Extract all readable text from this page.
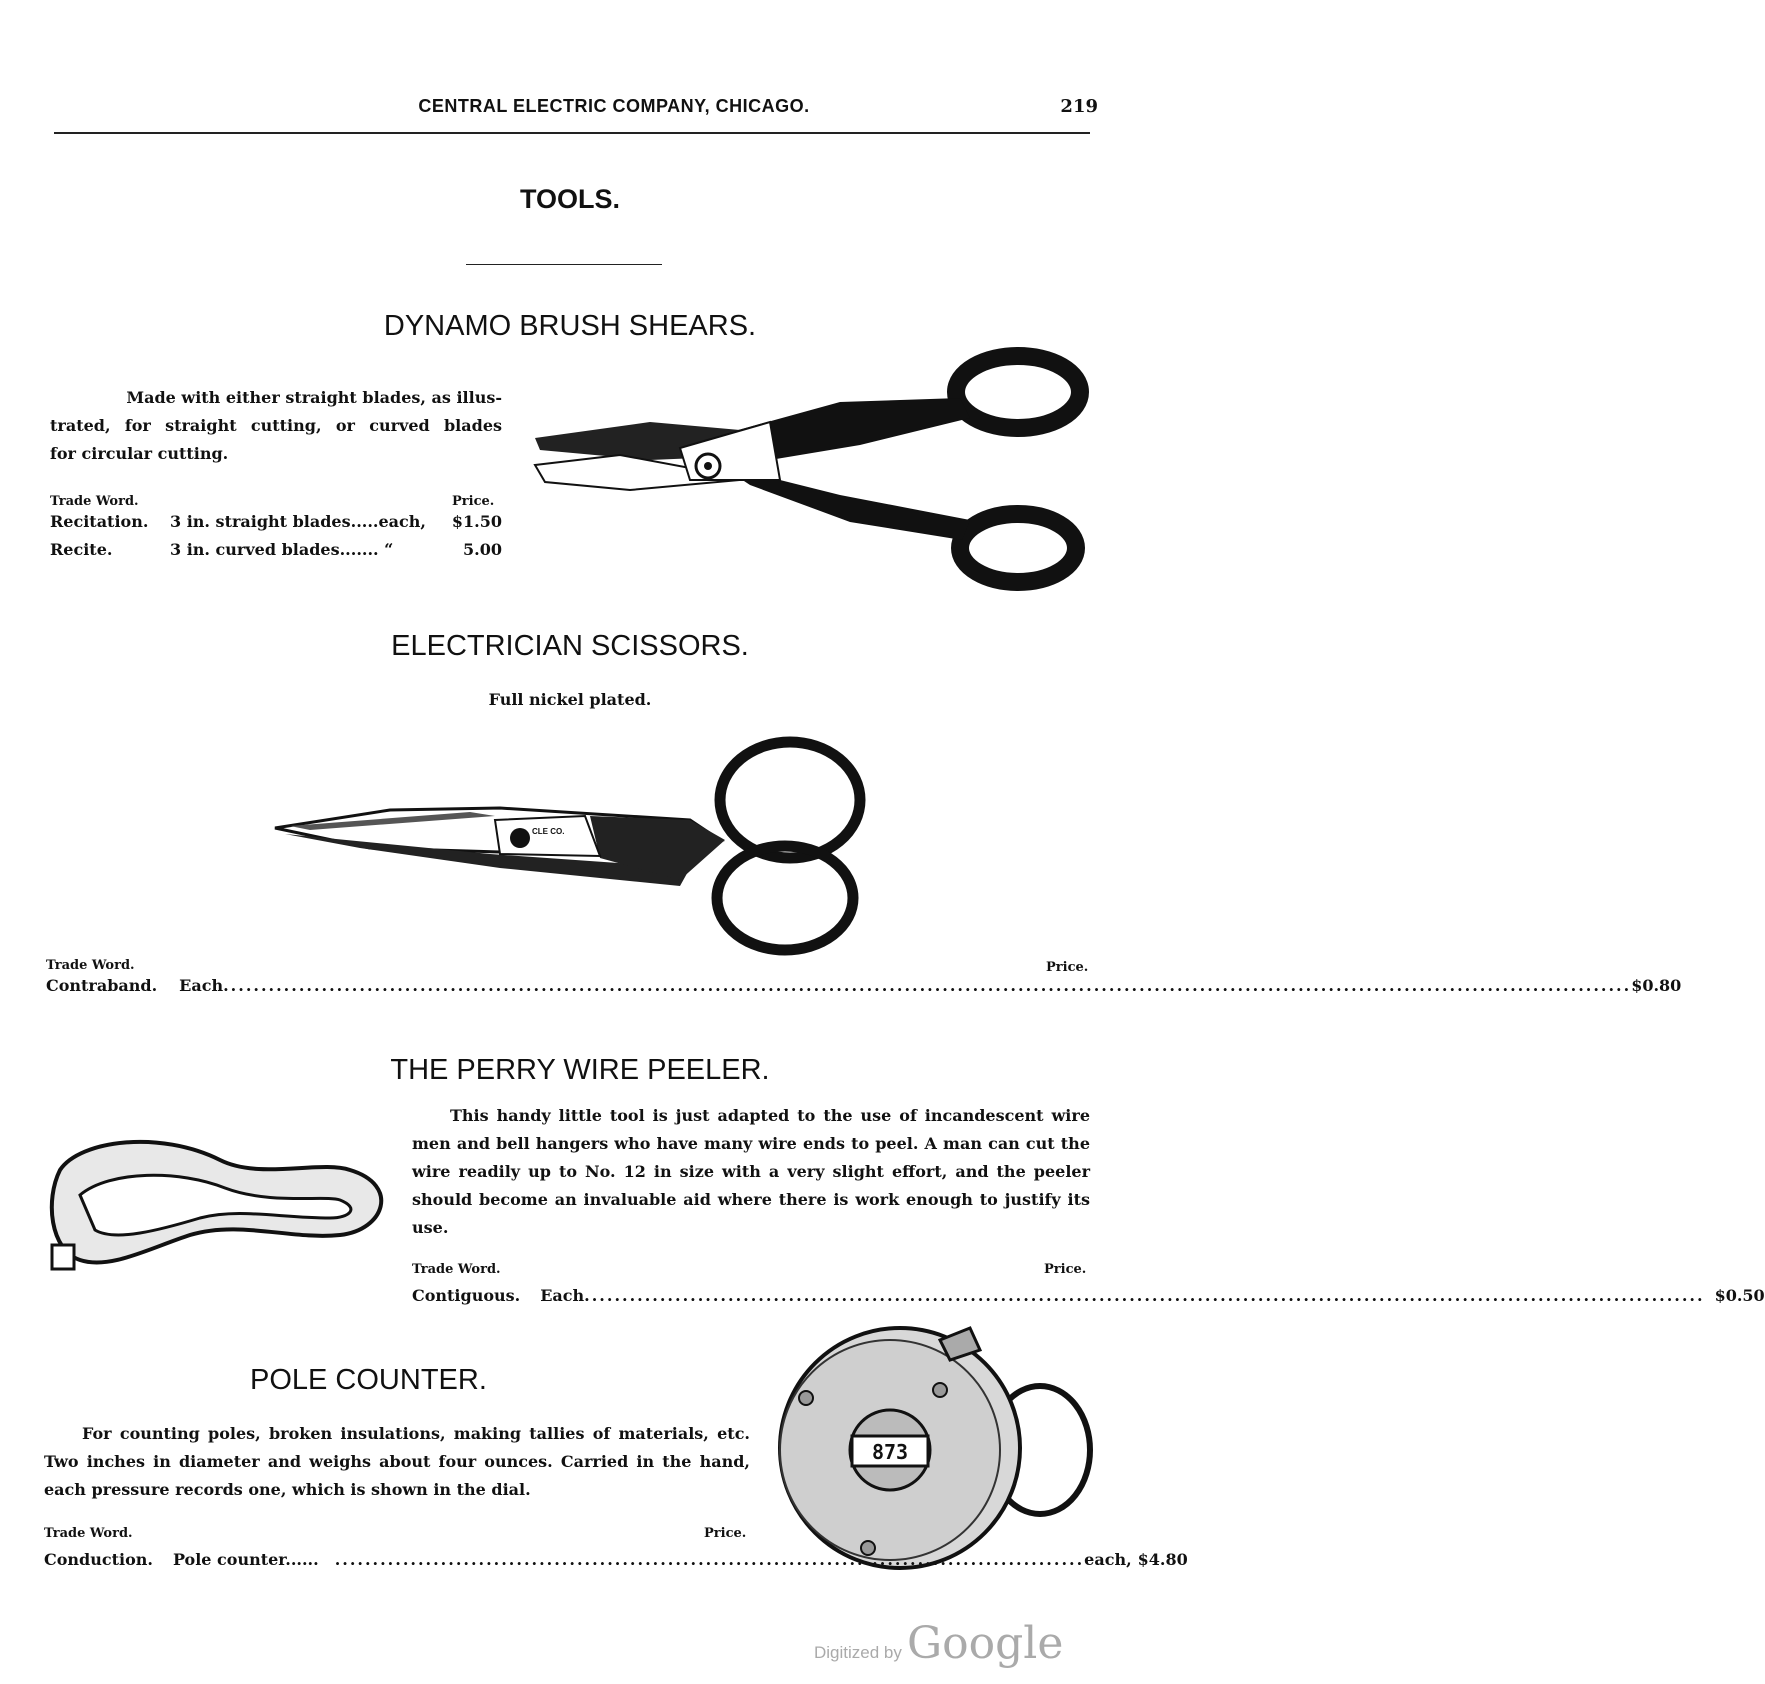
CENTRAL ELECTRIC COMPANY, CHICAGO.	219
TOOLS.
DYNAMO BRUSH SHEARS.
Made with either straight blades, as illus-
trated, for straight cutting, or curved blades
for circular cutting.
Trade Word.	Price.
Recitation. 3 in. straight blades.....each, $1.50
Recite.	3 in. curved blades....... “	5.00
ELECTRICIAN SCISSORS.
Full nickel plated.
CLE CO.
Trade Word.	Price.
Contraband. Each .......................................................................................................................................................................................... $0.80
THE PERRY WIRE PEELER.
This handy little tool is just adapted to the use of incandescent wire men and bell hangers who have many wire ends to peel. A man can cut the wire readily up to No. 12 in size with a very slight effort, and the peeler should become an invaluable aid where there is work enough to justify its use.
Trade Word.	Price.
Contiguous. Each .................................................................................................................................................... $0.50
POLE COUNTER.
For counting poles, broken insulations, making tallies of materials, etc. Two inches in diameter and weighs about four ounces. Carried in the hand, each pressure records one, which is shown in the dial.
873
Trade Word.	Price.
Conduction. Pole counter...... ................................................................................................... each, $4.80
Digitized by Google
